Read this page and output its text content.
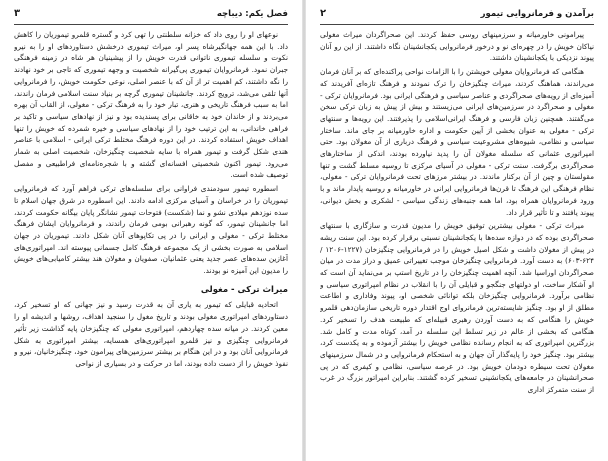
فصل یکم: دیباچه
۳

نوعهای او را روی داد که خزانه سلطنتی را تهی کرد و گستره قلمرو تیموریان را کاهش داد. با این همه جهانگیرشاه پسر او، میراث تیموری درخشش دستاوردهای او را به نیرو نکوت و سلسله تیموری ناتوانی قدرت خویش را از پیشینیان هر شاه در زمینه فرهنگی جبران نمود. فرمانروایان تیموری پی‌گیرانه شخصیت و وجهه تیموری که تاجی بر خود نهادند را نگه داشتند، کم اهمیت تر از آن که با عنصر اصلی، نوعی حکومت خویش، را فرمانروایی آنها تلقی می‌شد، ترویج کردند. جانشینان تیموری گرچه بر بنیاد سنت اسلامی فرمان راندند، اما به سبب فرهنگ تاریخی و هنری، تبار خود را به فرهنگ ترکی - مغولی، از القاب آن بهره می‌بردند و از خاندان خود به خاقانی برای پسندیده بود و نیز از نهادهای سیاسی و تاکید بر فراهی خاندانی، به این ترتیب خود را از نهادهای سیاسی و خیره شمرده که خویش را تنها اهداف خویش استفاده کردند. در این دوره فرهنگ مختلط ترکی ایرانی - اسلامی با عناصر هندی شکل گرفت و تیمور همراه با سایه شخصیت چنگیزخان، شخصیت اصلی به شمار می‌رود. تیمور اکنون شخصیتی افسانه‌ای گشته و با شجره‌نامه‌ای فراطبیعی و مفصل توصیف شده است.

اسطوره تیمور سودمندی فراوانی برای سلسله‌های ترکی فراهم آورد که فرمانروایی تیموریان را در خراسان و آسیای مرکزی ادامه دادند. این اسطوره در شرق جهان اسلام تا سده نوزدهم میلادی نشو و نما (شکست) فتوحات تیمور نشانگر پایان بیگانه حکومت کردند، اما جانشینان تیمور، که گونه رهبرانی بومی فرمان راندند، و فرمانروایان ایشان فرهنگ مختلط ترکی - مغولی و ایرانی را در پی تکاپوهای آنان شکل دادند. تیموریان در جهان اسلامی به صورت بخشی از یک مجموعه فرهنگ کامل جسمانی پیوسته اند. امپراتوری‌های آغازین سده‌های عصر جدید یعنی عثمانیان، صفویان و مغولان هند بیشتر کامیابی‌های خویش را مدیون این آمیزه نو بودند.

میراث ترکی - مغولی

اتحادیه قبایلی که تیمور به یاری آن به قدرت رسید و نیز جهانی که او تسخیر کرد، دستاوردهای امپراتوری مغولی بودند و تاریخ مغول را سنجید اهداف، روشها و اندیشه او را معین کردند. در میانه سده چهاردهم، امپراتوری مغولی که چنگیزخان پایه گذاشت زیر تأثیر فرمانروایی چنگیزی و نیز قلمرو امپراتوری‌های همسایه، بیشتر امپراتوری به شکل فرمانروایی آنان بود و در این هنگام بر بیشتر سرزمین‌های پیرامون خود، چنگیزخانیان، نیرو و نفوذ خویش را از دست داده بودند، اما در حرکت و در بسیاری از نواحی

برآمدن و فرمانروایی تیمور
۲

پیرامونی خاورمیانه و سرزمینهای روسی حفظ کردند. این صحراگردان میراث مغولی نیاکان خویش را در چهره‌ای نو و درخور فرمانروایی یکجانشینان نگاه داشتند. از این رو آنان پیوند نزدیکی با یکجانشینان داشتند.

هنگامی که فرمانروایان مغولی خویشتن را با الزامات نواحی پراکنده‌ای که بر آنان فرمان می‌راندند، هماهنگ کردند، میراث چنگیزخان را ترک نمودند و فرهنگ تازه‌ای آفریدند که آمیزه‌ای از رویه‌های صحراگردی و عناصر سیاسی و فرهنگی ایرانی بود. فرمانروایان ترکی - مغولی و صحراگرد در سرزمین‌های ایرانی می‌زیستند و بیش از پیش به زبان ترکی سخن می‌گفتند. همچنین زبان فارسی و فرهنگ ایرانی‌اسلامی را پذیرفتند. این رویه‌ها و سنتهای ترکی - مغولی به عنوان بخشی از آیین حکومت و اداره خاورمیانه بر جای ماند. ساختار سیاسی و نظامی، شیوه‌های مشروعیت سیاسی و فرهنگ درباری از آن مغولان بود. حتی امپراتوری عثمانی که سلسله مغولان آن را پدید نیاورده بودند، اندکی از ساختارهای صحراگردی برگرفت. سنت ترکی - مغولی در آسیای مرکزی تا روسیه مسلط گشت و تنها مقولستان و چین از آن برکنار ماندند. در بیشتر مرزهای تحت فرمانروایان ترکی - مغولی، نظام فرهنگی این فرهنگ تا قرن‌ها فرمانروایی ایرانی در خاورمیانه و روسیه پایدار ماند و با ورود فرمانروایان همراه بود، اما همه جنبه‌های زندگی سیاسی - لشکری و بخش دیوانی، پیوند یافتند و تا تأثیر قرار داد.

میراث ترکی - مغولی بیشترین توفیق خویش را مدیون قدرت و سازگاری با سنتهای صحراگردی بوده که در دوازه سده‌ها با یکجانشینان نسبتی برقرار کرده بود. این سنت ریشه در پیش از مغولان داشت و شکل اصیل خویش را در فرمانروایی چنگیزخان (۱۲۲۷-۱۲۰۶ / ۶۲۴-۶۰۳) به دست آورد. فرمانروایی چنگیزخان موجب تغییراتی عمیق و دراز مدت در میان صحراگردان اوراسیا شد. آنچه اهمیت چنگیزخان را در تاریخ استپ بر می‌نماید آن است که او آشکار ساخت، او دولتهای جنگجو و قبایلی آن را با انقلاب در نظام امپراتوری سیاسی و نظامی برآورد. فرمانروایی چنگیزخان بلکه توانائی شخصی او، پیوند وفاداری و اطاعت مطلق از او بود. چنگیز شایسته‌ترین فرمانروای اوج اقتدار دوره تاریخی سازمان‌دهی قلمرو خویش را هنگامی که به دست آوردن رهبری قبیله‌ای که طبیعت هدف را تسخیر کرد. هنگامی که بخشی از عالم در زیر تسلط این سلسله در آمد، کوتاه مدت و کامل شد. بزرگترین امپراتوری که به انجام رسانده نظامی خویش را بیشتر آزموده و به یکدست کرد، بیشتر بود. چنگیز خود را پایه‌گذار آن جهان و به استحکام فرمانروایی و در شمال سرزمینهای مغولان تحت سیطره دودمان خویش بود. در عرصه سیاسی، نظامی و کیفری که در پی صحرانشینان در جامعه‌های یکجانشینی تسخیر کرده گشتند. بنابراین امپراتور بزرگ در غرب از سنت متمرکز اداری
